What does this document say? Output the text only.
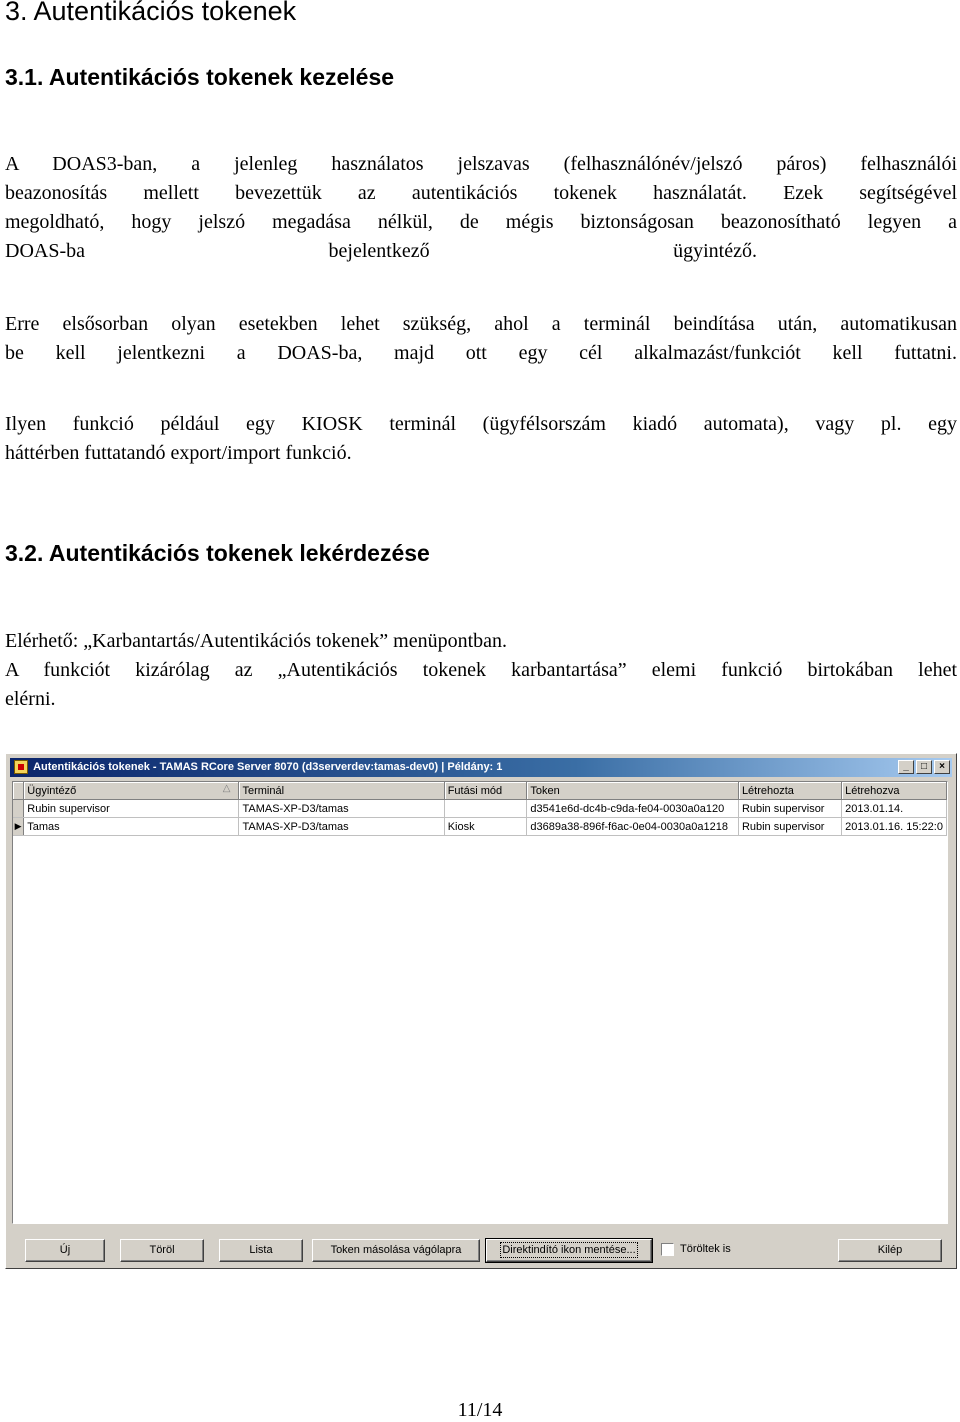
3. Autentikációs tokenek
3.1. Autentikációs tokenek kezelése

A DOAS3-ban, a jelenleg használatos jelszavas (felhasználónév/jelszó páros) felhasználói
beazonosítás mellett bevezettük az autentikációs tokenek használatát. Ezek segítségével
megoldható, hogy jelszó megadása nélkül, de mégis biztonságosan beazonosítható legyen a
DOAS-ba bejelentkező ügyintéző.

Erre elsősorban olyan esetekben lehet szükség, ahol a terminál beindítása után, automatikusan
be kell jelentkezni a DOAS-ba, majd ott egy cél alkalmazást/funkciót kell futtatni.

Ilyen funkció például egy KIOSK terminál (ügyfélsorszám kiadó automata), vagy pl. egy
háttérben futtatandó export/import funkció.

3.2. Autentikációs tokenek lekérdezése

Elérhető: „Karbantartás/Autentikációs tokenek” menüpontban.
A funkciót kizárólag az „Autentikációs tokenek karbantartása” elemi funkció birtokában lehet
elérni.

Autentikációs tokenek - TAMAS RCore Server 8070 (d3serverdev:tamas-dev0) | Példány: 1	_	□	×
	Ügyintéző △	Terminál	Futási mód	Token	Létrehozta	Létrehozva
	Rubin supervisor	TAMAS-XP-D3/tamas		d3541e6d-dc4b-c9da-fe04-0030a0a120	Rubin supervisor	2013.01.14.
▶	Tamas	TAMAS-XP-D3/tamas	Kiosk	d3689a38-896f-f6ac-0e04-0030a0a1218	Rubin supervisor	2013.01.16. 15:22:0
Új	Töröl	Lista	Token másolása vágólapra	Direktindító ikon mentése...	Töröltek is	Kilép
11/14
